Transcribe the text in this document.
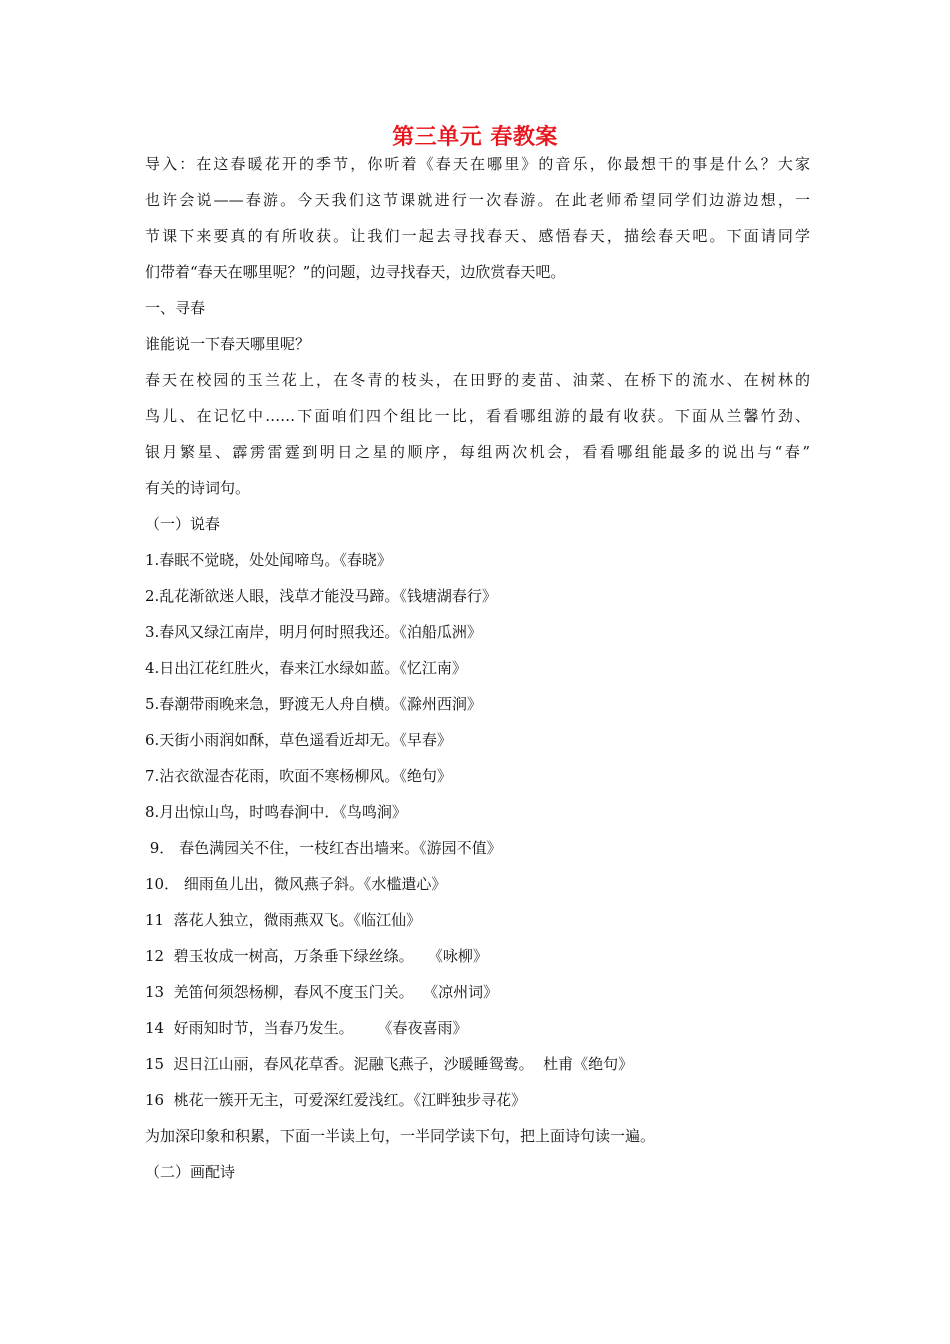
第三单元 春教案
导入：在这春暖花开的季节，你听着《春天在哪里》的音乐，你最想干的事是什么？大家
也许会说——春游。今天我们这节课就进行一次春游。在此老师希望同学们边游边想，一
节课下来要真的有所收获。让我们一起去寻找春天、感悟春天，描绘春天吧。下面请同学
们带着“春天在哪里呢？”的问题，边寻找春天，边欣赏春天吧。
一、寻春
谁能说一下春天哪里呢？
春天在校园的玉兰花上，在冬青的枝头，在田野的麦苗、油菜、在桥下的流水、在树林的
鸟儿、在记忆中……下面咱们四个组比一比，看看哪组游的最有收获。下面从兰馨竹劲、
银月繁星、霹雳雷霆到明日之星的顺序，每组两次机会，看看哪组能最多的说出与“春”
有关的诗词句。
（一）说春
1.春眠不觉晓，处处闻啼鸟。《春晓》
2.乱花渐欲迷人眼，浅草才能没马蹄。《钱塘湖春行》
3.春风又绿江南岸，明月何时照我还。《泊船瓜洲》
4.日出江花红胜火，春来江水绿如蓝。《忆江南》
5.春潮带雨晚来急，野渡无人舟自横。《滁州西涧》
6.天街小雨润如酥，草色遥看近却无。《早春》
7.沾衣欲湿杏花雨，吹面不寒杨柳风。《绝句》
8.月出惊山鸟，时鸣春涧中．《鸟鸣涧》
9． 春色满园关不住，一枝红杏出墙来。《游园不值》
10． 细雨鱼儿出，微风燕子斜。《水槛遣心》
11  落花人独立，微雨燕双飞。《临江仙》
12  碧玉妆成一树高，万条垂下绿丝绦。   《咏柳》
13  羌笛何须怨杨柳，春风不度玉门关。  《凉州词》
14  好雨知时节，当春乃发生。     《春夜喜雨》
15  迟日江山丽，春风花草香。泥融飞燕子，沙暖睡鸳鸯。  杜甫《绝句》
16  桃花一簇开无主，可爱深红爱浅红。《江畔独步寻花》
为加深印象和积累，下面一半读上句，一半同学读下句，把上面诗句读一遍。
（二）画配诗
